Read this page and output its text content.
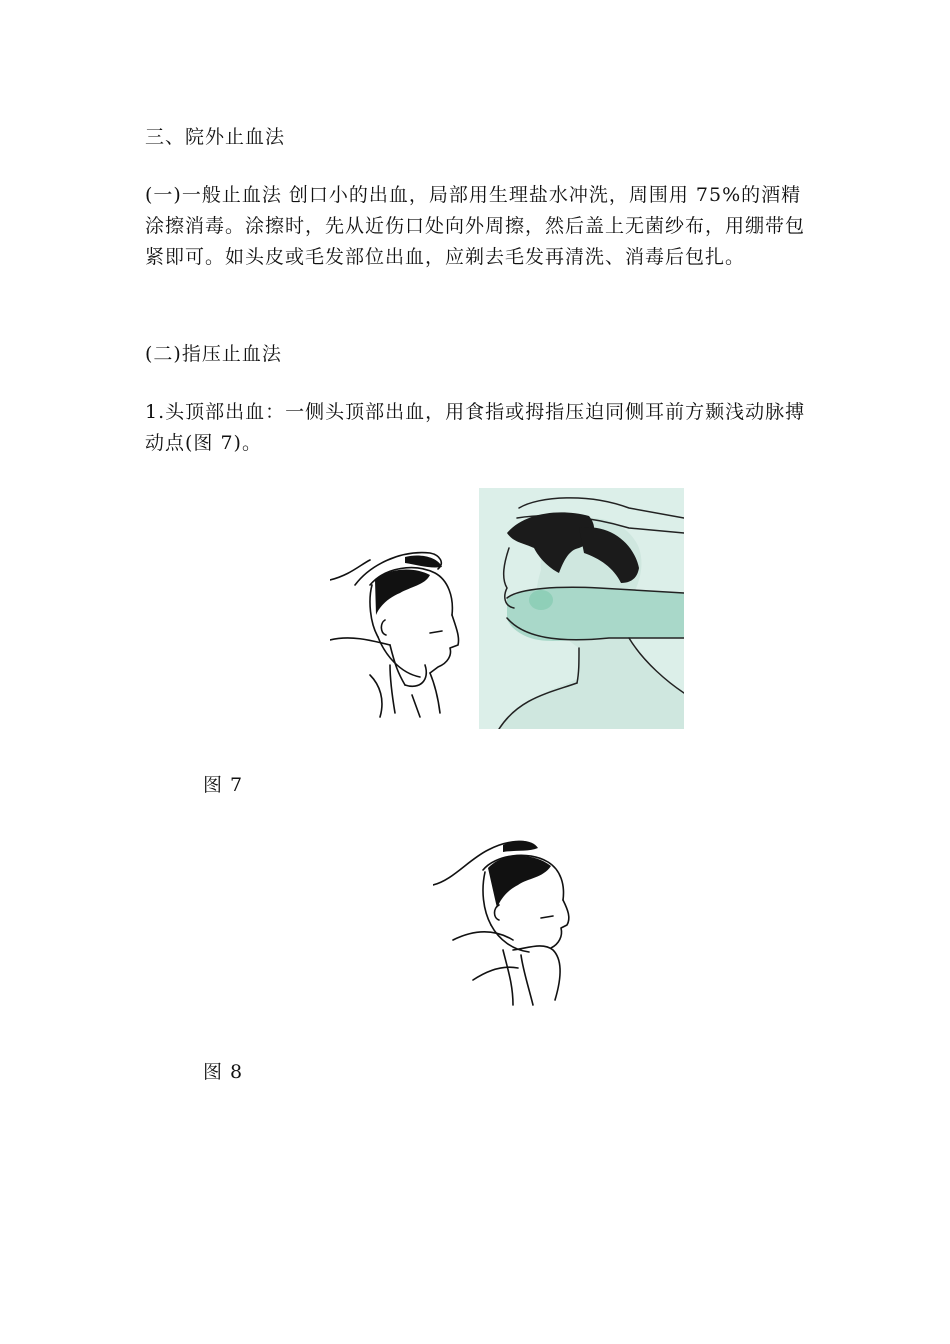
三、院外止血法

(一)一般止血法 创口小的出血，局部用生理盐水冲洗，周围用 75%的酒精涂擦消毒。涂擦时，先从近伤口处向外周擦，然后盖上无菌纱布，用绷带包紧即可。如头皮或毛发部位出血，应剃去毛发再清洗、消毒后包扎。

(二)指压止血法

1.头顶部出血：一侧头顶部出血，用食指或拇指压迫同侧耳前方颞浅动脉搏动点(图 7)。

图 7

图 8
